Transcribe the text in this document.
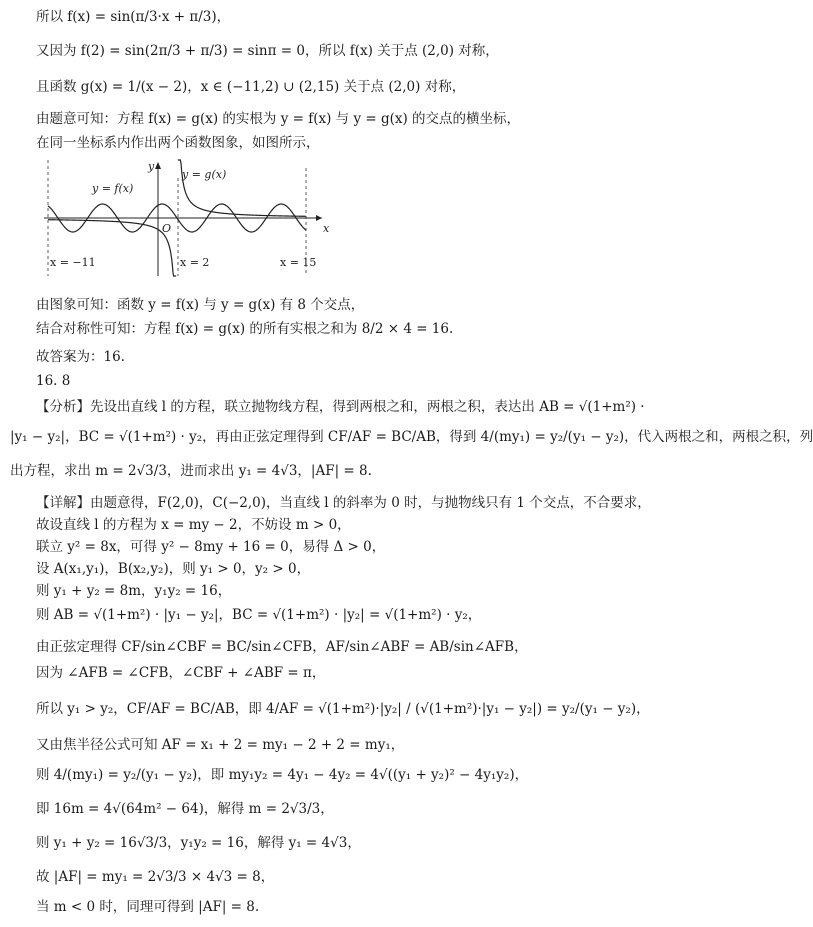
所以 f(x) = sin(π/3·x + π/3)，
又因为 f(2) = sin(2π/3 + π/3) = sinπ = 0，所以 f(x) 关于点 (2,0) 对称，
且函数 g(x) = 1/(x − 2)，x ∈ (−11,2) ∪ (2,15) 关于点 (2,0) 对称，
由题意可知：方程 f(x) = g(x) 的实根为 y = f(x) 与 y = g(x) 的交点的横坐标，
在同一坐标系内作出两个函数图象，如图所示，
y = f(x)
y = g(x)
y
x
O
x = −11	x = 2	x = 15
由图象可知：函数 y = f(x) 与 y = g(x) 有 8 个交点，
结合对称性可知：方程 f(x) = g(x) 的所有实根之和为 8/2 × 4 = 16.
故答案为：16.
16. 8
【分析】先设出直线 l 的方程，联立抛物线方程，得到两根之和，两根之积，表达出 AB = √(1+m²) ·
|y₁ − y₂|，BC = √(1+m²) · y₂，再由正弦定理得到 CF/AF = BC/AB，得到 4/(my₁) = y₂/(y₁ − y₂)，代入两根之和，两根之积，列
出方程，求出 m = 2√3/3，进而求出 y₁ = 4√3，|AF| = 8.
【详解】由题意得，F(2,0)，C(−2,0)，当直线 l 的斜率为 0 时，与抛物线只有 1 个交点，不合要求，
故设直线 l 的方程为 x = my − 2，不妨设 m > 0，
联立 y² = 8x，可得 y² − 8my + 16 = 0，易得 Δ > 0，
设 A(x₁,y₁)，B(x₂,y₂)，则 y₁ > 0，y₂ > 0，
则 y₁ + y₂ = 8m，y₁y₂ = 16，
则 AB = √(1+m²) · |y₁ − y₂|，BC = √(1+m²) · |y₂| = √(1+m²) · y₂，
由正弦定理得 CF/sin∠CBF = BC/sin∠CFB，AF/sin∠ABF = AB/sin∠AFB，
因为 ∠AFB = ∠CFB，∠CBF + ∠ABF = π，
所以 y₁ > y₂，CF/AF = BC/AB，即 4/AF = √(1+m²)·|y₂| / (√(1+m²)·|y₁ − y₂|) = y₂/(y₁ − y₂)，
又由焦半径公式可知 AF = x₁ + 2 = my₁ − 2 + 2 = my₁，
则 4/(my₁) = y₂/(y₁ − y₂)，即 my₁y₂ = 4y₁ − 4y₂ = 4√((y₁ + y₂)² − 4y₁y₂)，
即 16m = 4√(64m² − 64)，解得 m = 2√3/3，
则 y₁ + y₂ = 16√3/3，y₁y₂ = 16，解得 y₁ = 4√3，
故 |AF| = my₁ = 2√3/3 × 4√3 = 8，
当 m < 0 时，同理可得到 |AF| = 8.
